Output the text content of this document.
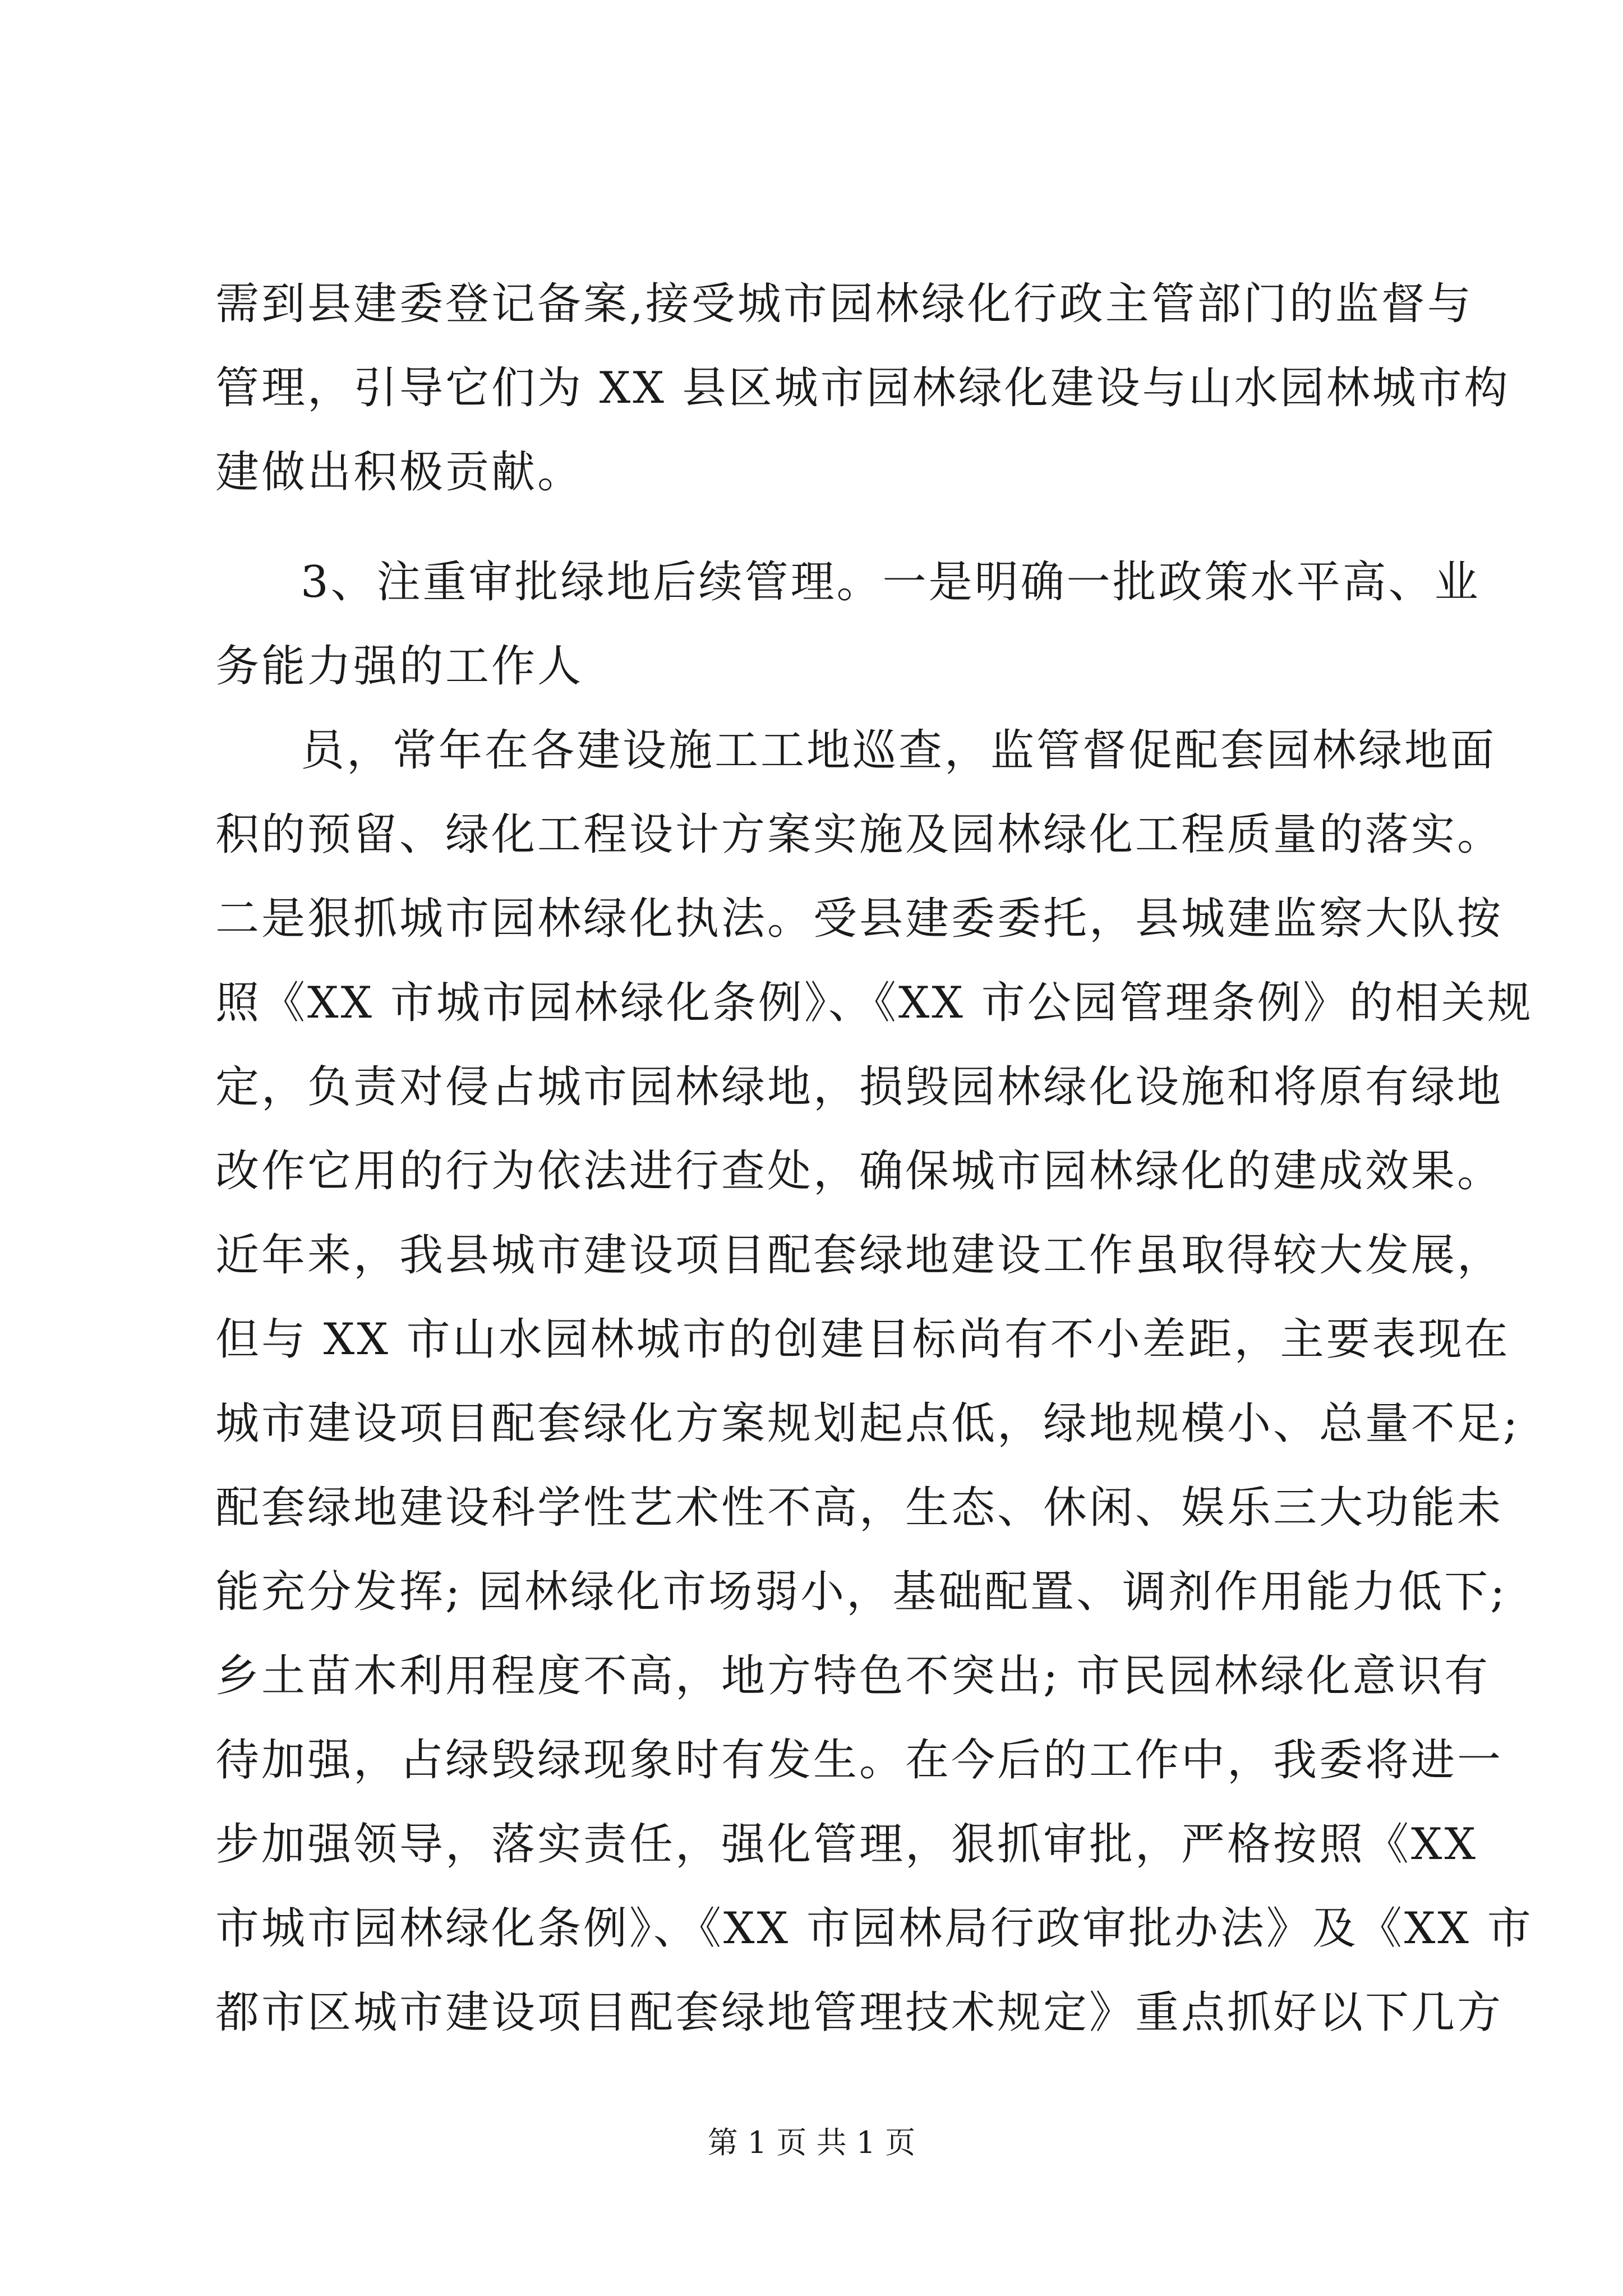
需到县建委登记备案,接受城市园林绿化行政主管部门的监督与
管理，引导它们为 XX 县区城市园林绿化建设与山水园林城市构
建做出积极贡献。
3、注重审批绿地后续管理。一是明确一批政策水平高、业
务能力强的工作人
员，常年在各建设施工工地巡查，监管督促配套园林绿地面
积的预留、绿化工程设计方案实施及园林绿化工程质量的落实。
二是狠抓城市园林绿化执法。受县建委委托，县城建监察大队按
照《XX 市城市园林绿化条例》、《XX 市公园管理条例》的相关规
定，负责对侵占城市园林绿地，损毁园林绿化设施和将原有绿地
改作它用的行为依法进行查处，确保城市园林绿化的建成效果。
近年来，我县城市建设项目配套绿地建设工作虽取得较大发展，
但与 XX 市山水园林城市的创建目标尚有不小差距，主要表现在
城市建设项目配套绿化方案规划起点低，绿地规模小、总量不足;
配套绿地建设科学性艺术性不高，生态、休闲、娱乐三大功能未
能充分发挥; 园林绿化市场弱小，基础配置、调剂作用能力低下;
乡土苗木利用程度不高，地方特色不突出; 市民园林绿化意识有
待加强，占绿毁绿现象时有发生。在今后的工作中，我委将进一
步加强领导，落实责任，强化管理，狠抓审批，严格按照《XX
市城市园林绿化条例》、《XX 市园林局行政审批办法》及《XX 市
都市区城市建设项目配套绿地管理技术规定》重点抓好以下几方
第 1 页 共 1 页
